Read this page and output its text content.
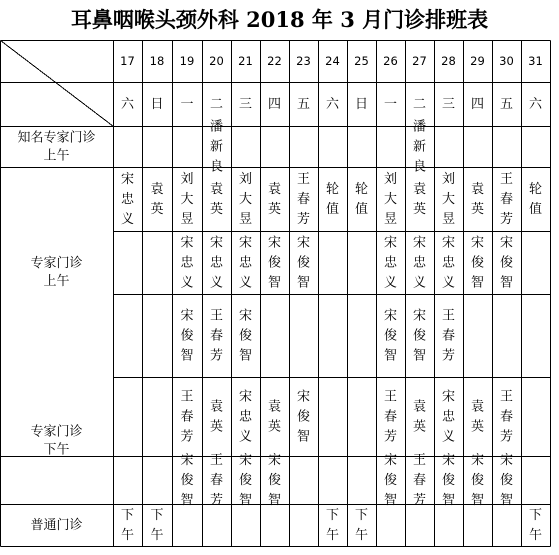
耳鼻咽喉头颈外科 2018 年 3 月门诊排班表
17 18 19 20 21 22 23 24 25 26 27 28 29 30 31
六 日 一 二 三 四 五 六 日 一 二 三 四 五 六
知名专家门诊
上午
专家门诊
上午
专家门诊
下午
普通门诊
潘
新
良
潘
新
良
宋
忠
义
袁
英
刘
大
昱
袁
英
刘
大
昱
袁
英
王
春
芳
轮
值
轮
值
刘
大
昱
袁
英
刘
大
昱
袁
英
王
春
芳
轮
值
宋
忠
义
宋
忠
义
宋
忠
义
宋
俊
智
宋
俊
智
宋
忠
义
宋
忠
义
宋
忠
义
宋
俊
智
宋
俊
智
宋
俊
智
王
春
芳
宋
俊
智
宋
俊
智
宋
俊
智
王
春
芳
王
春
芳
袁
英
宋
忠
义
袁
英
宋
俊
智
王
春
芳
袁
英
宋
忠
义
袁
英
王
春
芳
宋
俊
智
王
春
芳
宋
俊
智
宋
俊
智
宋
俊
智
王
春
芳
宋
俊
智
宋
俊
智
宋
俊
智
下
午
下
午
下
午
下
午
下
午
